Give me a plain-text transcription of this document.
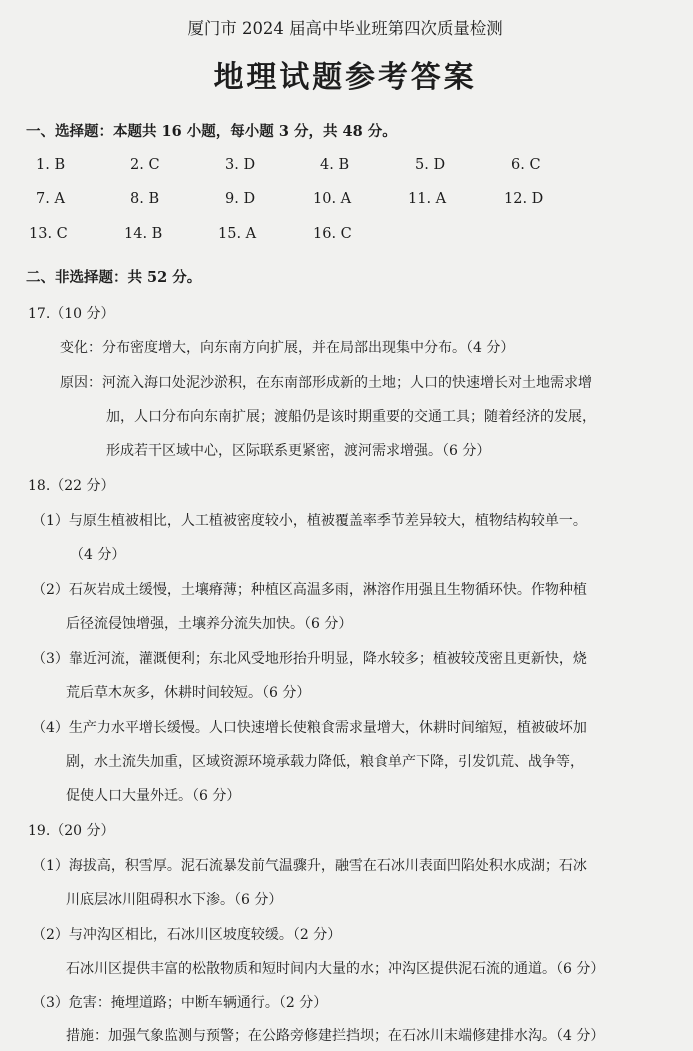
厦门市 2024 届高中毕业班第四次质量检测
地理试题参考答案
一、选择题：本题共 16 小题，每小题 3 分，共 48 分。
1. B	2. C	3. D	4. B	5. D	6. C
7. A	8. B	9. D	10. A	11. A	12. D
13. C	14. B	15. A	16. C
二、非选择题：共 52 分。
17.（10 分）
变化：分布密度增大，向东南方向扩展，并在局部出现集中分布。（4 分）
原因：河流入海口处泥沙淤积，在东南部形成新的土地；人口的快速增长对土地需求增
加，人口分布向东南扩展；渡船仍是该时期重要的交通工具；随着经济的发展，
形成若干区域中心，区际联系更紧密，渡河需求增强。（6 分）
18.（22 分）
（1）与原生植被相比，人工植被密度较小，植被覆盖率季节差异较大，植物结构较单一。
（4 分）
（2）石灰岩成土缓慢，土壤瘠薄；种植区高温多雨，淋溶作用强且生物循环快。作物种植
后径流侵蚀增强，土壤养分流失加快。（6 分）
（3）靠近河流，灌溉便利；东北风受地形抬升明显，降水较多；植被较茂密且更新快，烧
荒后草木灰多，休耕时间较短。（6 分）
（4）生产力水平增长缓慢。人口快速增长使粮食需求量增大，休耕时间缩短，植被破坏加
剧，水土流失加重，区域资源环境承载力降低，粮食单产下降，引发饥荒、战争等，
促使人口大量外迁。（6 分）
19.（20 分）
（1）海拔高，积雪厚。泥石流暴发前气温骤升，融雪在石冰川表面凹陷处积水成湖；石冰
川底层冰川阻碍积水下渗。（6 分）
（2）与冲沟区相比，石冰川区坡度较缓。（2 分）
石冰川区提供丰富的松散物质和短时间内大量的水；冲沟区提供泥石流的通道。（6 分）
（3）危害：掩埋道路；中断车辆通行。（2 分）
措施：加强气象监测与预警；在公路旁修建拦挡坝；在石冰川末端修建排水沟。（4 分）
